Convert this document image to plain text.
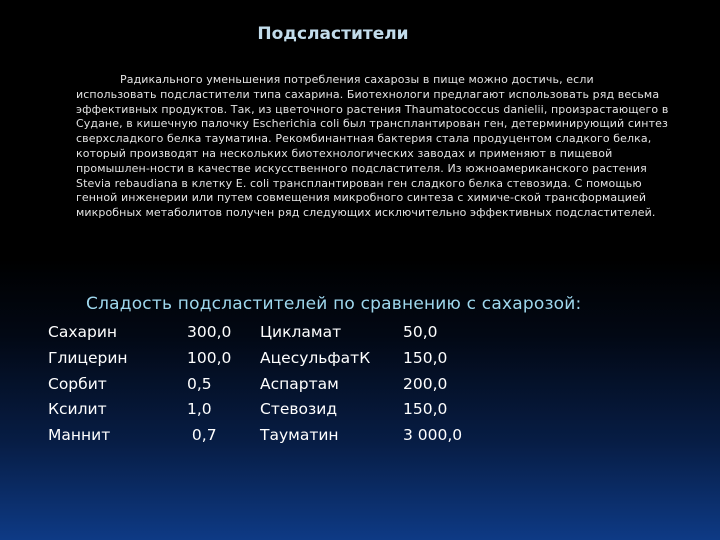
Подсластители

Радикального уменьшения потребления сахарозы в пище можно достичь, если использовать подсластители типа сахарина. Биотехнологи предлагают использовать ряд весьма эффективных продуктов. Так, из цветочного растения Thaumatococcus danielii, произрастающего в Судане, в кишечную палочку Escherichia coli был трансплантирован ген, детерминирующий синтез сверхсладкого белка тауматина. Рекомбинантная бактерия стала продуцентом сладкого белка, который производят на нескольких биотехнологических заводах и применяют в пищевой промышлен-ности в качестве искусственного подсластителя. Из южноамериканского растения Stevia rebaudiana в клетку E. coli трансплантирован ген сладкого белка стевозида. С помощью генной инженерии или путем совмещения микробного синтеза с химиче-ской трансформацией микробных метаболитов получен ряд следующих исключительно эффективных подсластителей.

Сладость подсластителей по сравнению с сахарозой:
Сахарин	300,0 Цикламат	50,0
Глицерин	100,0 АцесульфатК 150,0
Сорбит	0,5	Аспартам	200,0
Ксилит	1,0	Стевозид	150,0
Маннит	0,7	Тауматин	3 000,0
